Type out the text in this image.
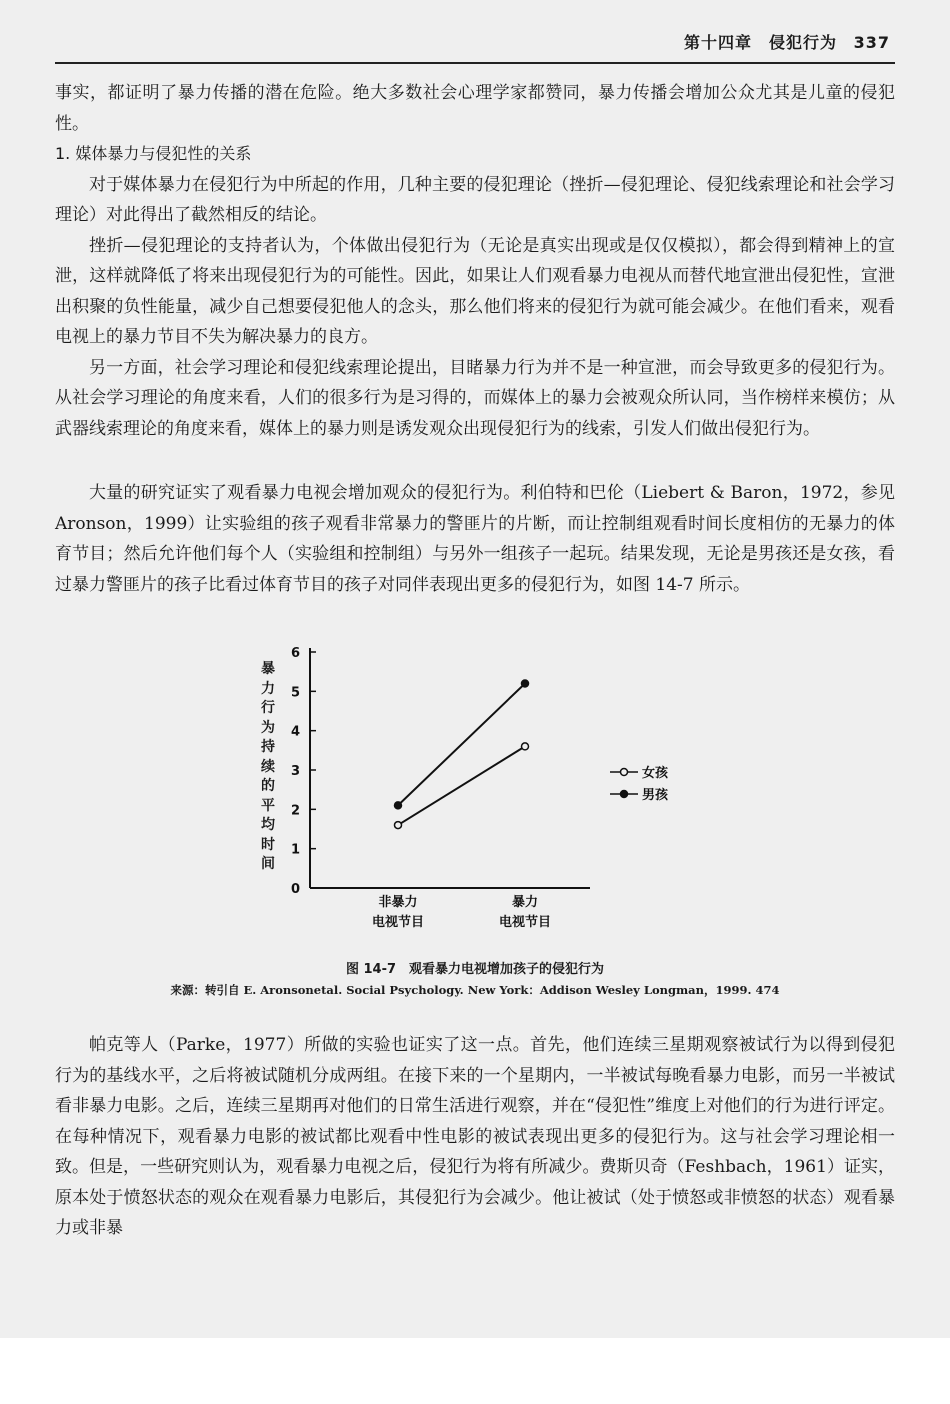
第十四章　侵犯行为 337

事实，都证明了暴力传播的潜在危险。绝大多数社会心理学家都赞同，暴力传播会增加公众尤其是儿童的侵犯性。

1. 媒体暴力与侵犯性的关系

对于媒体暴力在侵犯行为中所起的作用，几种主要的侵犯理论（挫折—侵犯理论、侵犯线索理论和社会学习理论）对此得出了截然相反的结论。

挫折—侵犯理论的支持者认为，个体做出侵犯行为（无论是真实出现或是仅仅模拟），都会得到精神上的宣泄，这样就降低了将来出现侵犯行为的可能性。因此，如果让人们观看暴力电视从而替代地宣泄出侵犯性，宣泄出积聚的负性能量，减少自己想要侵犯他人的念头，那么他们将来的侵犯行为就可能会减少。在他们看来，观看电视上的暴力节目不失为解决暴力的良方。

另一方面，社会学习理论和侵犯线索理论提出，目睹暴力行为并不是一种宣泄，而会导致更多的侵犯行为。从社会学习理论的角度来看，人们的很多行为是习得的，而媒体上的暴力会被观众所认同，当作榜样来模仿；从武器线索理论的角度来看，媒体上的暴力则是诱发观众出现侵犯行为的线索，引发人们做出侵犯行为。

大量的研究证实了观看暴力电视会增加观众的侵犯行为。利伯特和巴伦（Liebert & Baron，1972，参见 Aronson，1999）让实验组的孩子观看非常暴力的警匪片的片断，而让控制组观看时间长度相仿的无暴力的体育节目；然后允许他们每个人（实验组和控制组）与另外一组孩子一起玩。结果发现，无论是男孩还是女孩，看过暴力警匪片的孩子比看过体育节目的孩子对同伴表现出更多的侵犯行为，如图 14-7 所示。

暴力行为持续的平均时间
0
1
2
3
4
5
6
非暴力电视节目
暴力电视节目
女孩
男孩
图 14-7　观看暴力电视增加孩子的侵犯行为
来源：转引自 E. Aronsonetal. Social Psychology. New York：Addison Wesley Longman，1999. 474

帕克等人（Parke，1977）所做的实验也证实了这一点。首先，他们连续三星期观察被试行为以得到侵犯行为的基线水平，之后将被试随机分成两组。在接下来的一个星期内，一半被试每晚看暴力电影，而另一半被试看非暴力电影。之后，连续三星期再对他们的日常生活进行观察，并在“侵犯性”维度上对他们的行为进行评定。在每种情况下，观看暴力电影的被试都比观看中性电影的被试表现出更多的侵犯行为。这与社会学习理论相一致。但是，一些研究则认为，观看暴力电视之后，侵犯行为将有所减少。费斯贝奇（Feshbach，1961）证实，原本处于愤怒状态的观众在观看暴力电影后，其侵犯行为会减少。他让被试（处于愤怒或非愤怒的状态）观看暴力或非暴
